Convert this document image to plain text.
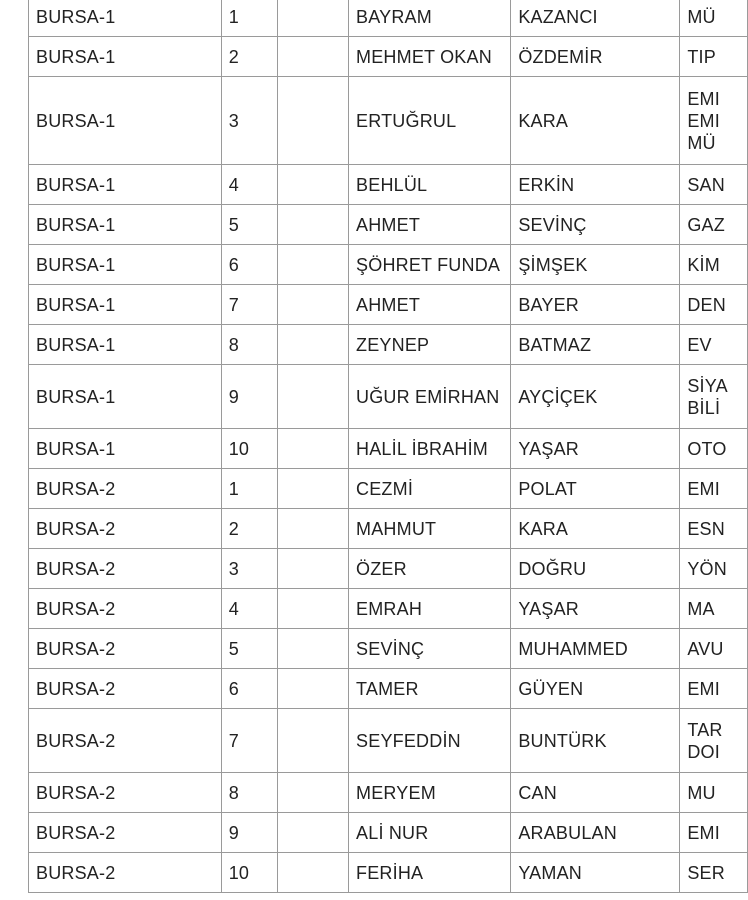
BURSA-1	1		BAYRAM	KAZANCI	MÜ

BURSA-1	2		MEHMET OKAN	ÖZDEMİR	TIP

BURSA-1	3		ERTUĞRUL	KARA	EMI
EMI
MÜ

BURSA-1	4		BEHLÜL	ERKİN	SAN

BURSA-1	5		AHMET	SEVİNÇ	GAZ

BURSA-1	6		ŞÖHRET FUNDA	ŞİMŞEK	KİM

BURSA-1	7		AHMET	BAYER	DEN

BURSA-1	8		ZEYNEP	BATMAZ	EV

BURSA-1	9		UĞUR EMİRHAN	AYÇİÇEK	SİYA
BİLİ

BURSA-1	10		HALİL İBRAHİM	YAŞAR	OTO

BURSA-2	1		CEZMİ	POLAT	EMI

BURSA-2	2		MAHMUT	KARA	ESN

BURSA-2	3		ÖZER	DOĞRU	YÖN

BURSA-2	4		EMRAH	YAŞAR	MA

BURSA-2	5		SEVİNÇ	MUHAMMED	AVU

BURSA-2	6		TAMER	GÜYEN	EMI

BURSA-2	7		SEYFEDDİN	BUNTÜRK	TAR
DOI

BURSA-2	8		MERYEM	CAN	MU

BURSA-2	9		ALİ NUR	ARABULAN	EMI

BURSA-2	10		FERİHA	YAMAN	SER
